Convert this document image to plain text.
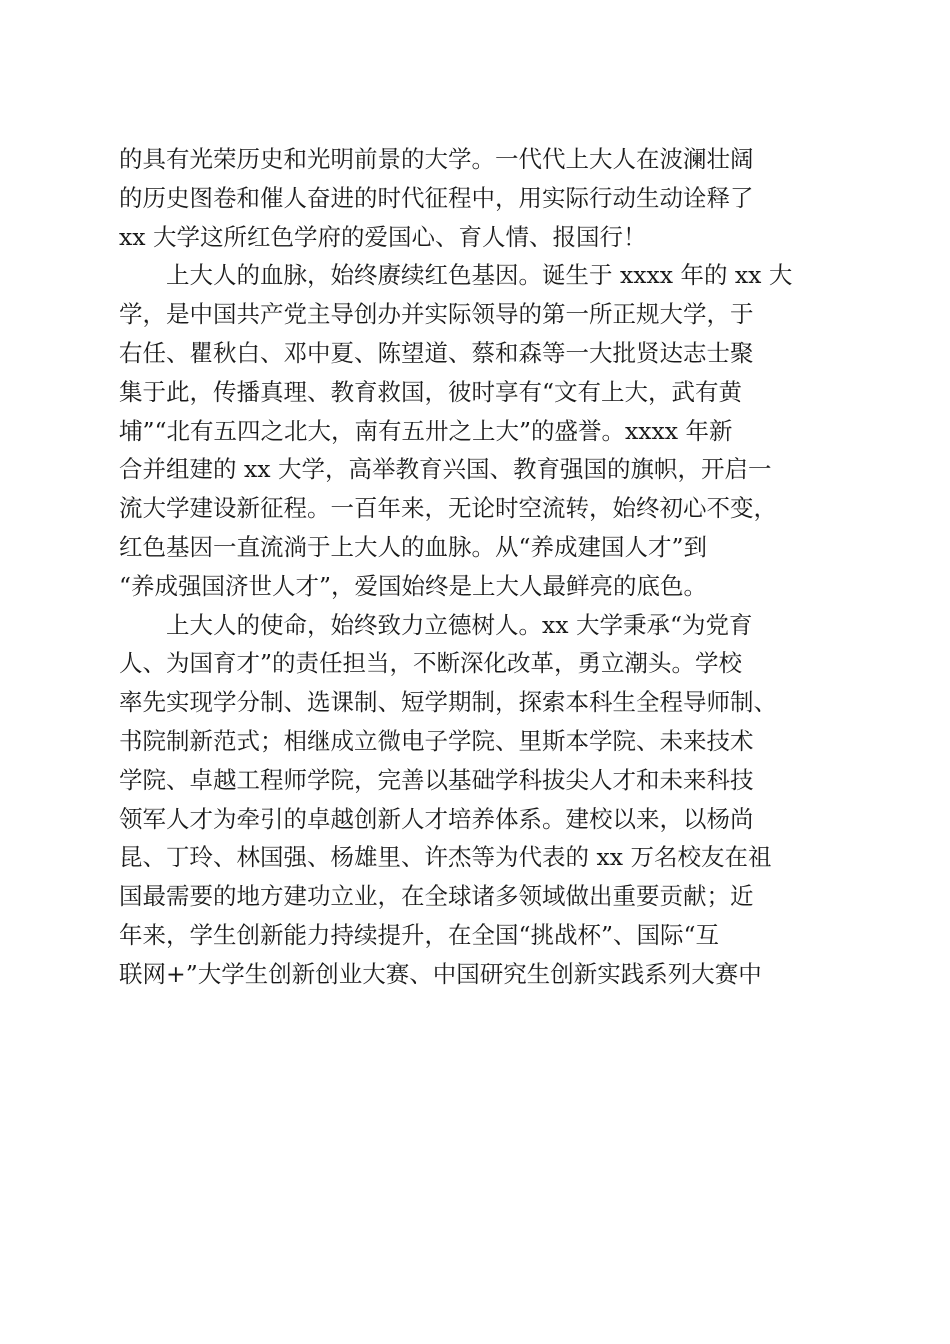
的具有光荣历史和光明前景的大学。一代代上大人在波澜壮阔
的历史图卷和催人奋进的时代征程中，用实际行动生动诠释了
xx 大学这所红色学府的爱国心、育人情、报国行！
　　上大人的血脉，始终赓续红色基因。诞生于 xxxx 年的 xx 大
学，是中国共产党主导创办并实际领导的第一所正规大学，于
右任、瞿秋白、邓中夏、陈望道、蔡和森等一大批贤达志士聚
集于此，传播真理、教育救国，彼时享有“文有上大，武有黄
埔”“北有五四之北大，南有五卅之上大”的盛誉。xxxx 年新
合并组建的 xx 大学，高举教育兴国、教育强国的旗帜，开启一
流大学建设新征程。一百年来，无论时空流转，始终初心不变，
红色基因一直流淌于上大人的血脉。从“养成建国人才”到
“养成强国济世人才”，爱国始终是上大人最鲜亮的底色。
　　上大人的使命，始终致力立德树人。xx 大学秉承“为党育
人、为国育才”的责任担当，不断深化改革，勇立潮头。学校
率先实现学分制、选课制、短学期制，探索本科生全程导师制、
书院制新范式；相继成立微电子学院、里斯本学院、未来技术
学院、卓越工程师学院，完善以基础学科拔尖人才和未来科技
领军人才为牵引的卓越创新人才培养体系。建校以来，以杨尚
昆、丁玲、林国强、杨雄里、许杰等为代表的 xx 万名校友在祖
国最需要的地方建功立业，在全球诸多领域做出重要贡献；近
年来，学生创新能力持续提升，在全国“挑战杯”、国际“互
联网+”大学生创新创业大赛、中国研究生创新实践系列大赛中
